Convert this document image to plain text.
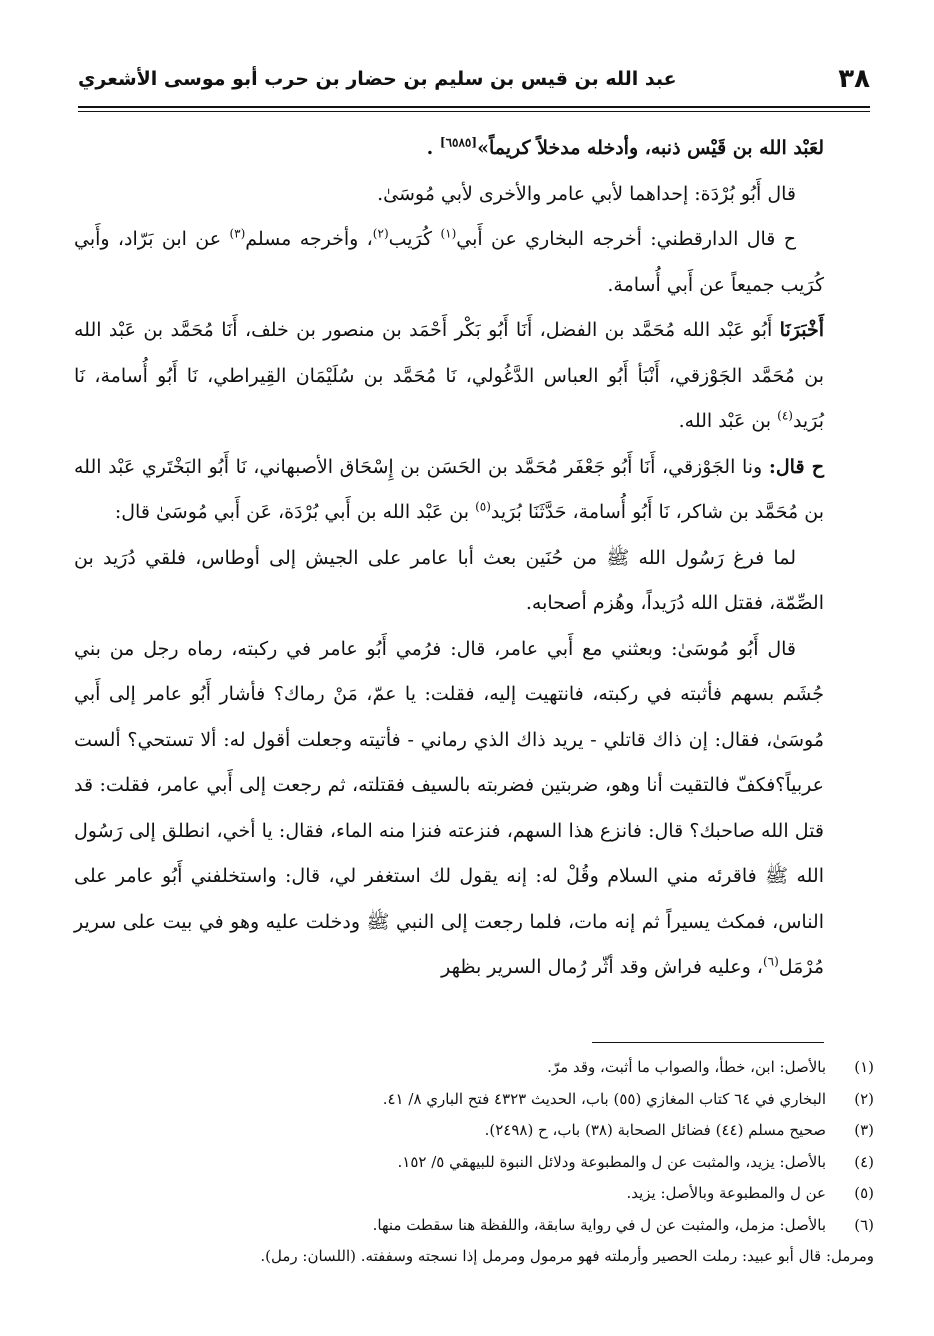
٣٨
عبد الله بن قيس بن سليم بن حضار بن حرب أبو موسى الأشعري

لعَبْد الله بن قَيْس ذنبه، وأدخله مدخلاً كريماً»[٦٥٨٥] .

قال أَبُو بُرْدَة: إحداهما لأبي عامر والأخرى لأبي مُوسَىٰ.

ح قال الدارقطني: أخرجه البخاري عن أَبي$^{(١)}$ كُرَيب$^{(٢)}$، وأخرجه مسلم$^{(٣)}$ عن ابن بَرّاد، وأَبي كُرَيب جميعاً عن أَبي أُسامة.

أَخْبَرَنَا أَبُو عَبْد الله مُحَمَّد بن الفضل، أَنَا أَبُو بَكْر أَحْمَد بن منصور بن خلف، أَنَا مُحَمَّد بن عَبْد الله بن مُحَمَّد الجَوْزقي، أَنْبَأ أَبُو العباس الدَّغُولي، نَا مُحَمَّد بن سُلَيْمَان القِيراطي، نَا أَبُو أُسامة، نَا بُرَيد$^{(٤)}$ بن عَبْد الله.

ح قال: ونا الجَوْزقي، أَنَا أَبُو جَعْفَر مُحَمَّد بن الحَسَن بن إِسْحَاق الأصبهاني، نَا أَبُو البَخْتَري عَبْد الله بن مُحَمَّد بن شاكر، نَا أَبُو أُسامة، حَدَّثَنَا بُرَيد$^{(٥)}$ بن عَبْد الله بن أَبي بُرْدَة، عَن أَبي مُوسَىٰ قال:

لما فرغ رَسُول الله ﷺ من حُنَين بعث أبا عامر على الجيش إلى أوطاس، فلقي دُرَيد بن الصِّمّة، فقتل الله دُرَيداً، وهُزم أصحابه.

قال أَبُو مُوسَىٰ: وبعثني مع أَبي عامر، قال: فرُمي أَبُو عامر في ركبته، رماه رجل من بني جُشَم بسهم فأثبته في ركبته، فانتهيت إليه، فقلت: يا عمّ، مَنْ رماك؟ فأشار أَبُو عامر إلى أَبي مُوسَىٰ، فقال: إن ذاك قاتلي - يريد ذاك الذي رماني - فأتيته وجعلت أقول له: ألا تستحي؟ ألست عربياً؟فكفّ فالتقيت أنا وهو، ضربتين فضربته بالسيف فقتلته، ثم رجعت إلى أَبي عامر، فقلت: قد قتل الله صاحبك؟ قال: فانزع هذا السهم، فنزعته فنزا منه الماء، فقال: يا أخي، انطلق إلى رَسُول الله ﷺ فاقرئه مني السلام وقُلْ له: إنه يقول لك استغفر لي، قال: واستخلفني أَبُو عامر على الناس، فمكث يسيراً ثم إنه مات، فلما رجعت إلى النبي ﷺ ودخلت عليه وهو في بيت على سرير مُرْمَل$^{(٦)}$، وعليه فراش وقد أثّر رُمال السرير بظهر

(١)
بالأصل: ابن، خطأ، والصواب ما أثبت، وقد مرّ.
(٢)
البخاري في ٦٤ كتاب المغازي (٥٥) باب، الحديث ٤٣٢٣ فتح الباري ٨/ ٤١.
(٣)
صحيح مسلم (٤٤) فضائل الصحابة (٣٨) باب، ح (٢٤٩٨).
(٤)
بالأصل: يزيد، والمثبت عن ل والمطبوعة ودلائل النبوة للبيهقي ٥/ ١٥٢.
(٥)
عن ل والمطبوعة وبالأصل: يزيد.
(٦)
بالأصل: مزمل، والمثبت عن ل في رواية سابقة، واللفظة هنا سقطت منها.
ومرمل: قال أبو عبيد: رملت الحصير وأرملته فهو مرمول ومرمل إذا نسجته وسففته. (اللسان: رمل).
